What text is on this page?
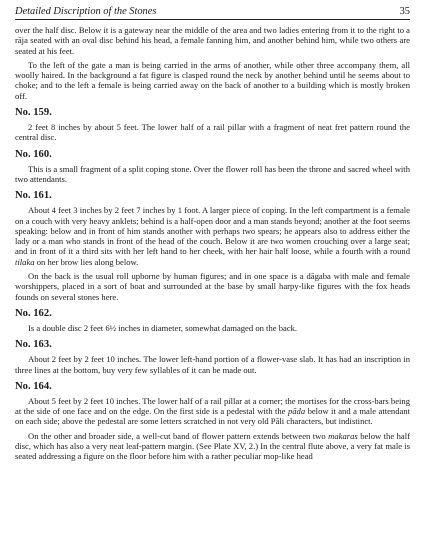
Detailed Discription of the Stones	35

over the half disc. Below it is a gateway near the middle of the area and two ladies entering from it to the right to a rāja seated with an oval disc behind his head, a female fanning him, and another behind him, while two others are seated at his feet.

To the left of the gate a man is being carried in the arms of another, while other three accompany them, all woolly haired. In the background a fat figure is clasped round the neck by another behind until he seems about to choke; and to the left a female is being carried away on the back of another to a building which is mostly broken off.

No. 159.

2 feet 8 inches by about 5 feet. The lower half of a rail pillar with a fragment of neat fret pattern round the central disc.

No. 160.

This is a small fragment of a split coping stone. Over the flower roll has been the throne and sacred wheel with two attendants.

No. 161.

About 4 feet 3 inches by 2 feet 7 inches by 1 foot. A larger piece of coping. In the left compartment is a female on a couch with very heavy anklets; behind is a half-open door and a man stands beyond; another at the foot seems speaking: below and in front of him stands another with perhaps two spears; he appears also to address either the lady or a man who stands in front of the head of the couch. Below it are two women crouching over a large seat; and in front of it a third sits with her left hand to her cheek, with her hair half loose, while a fourth with a round tilaka on her brow lies along below.

On the back is the usual roll upborne by human figures; and in one space is a dāgaba with male and female worshippers, placed in a sort of boat and surrounded at the base by small harpy-like figures with the fox heads founds on several stones here.

No. 162.

Is a double disc 2 feet 6½ inches in diameter, somewhat damaged on the back.

No. 163.

About 2 feet by 2 feet 10 inches. The lower left-hand portion of a flower-vase slab. It has had an inscription in three lines at the bottom, buy very few syllables of it can be made out.

No. 164.

About 5 feet by 2 feet 10 inches. The lower half of a rail pillar at a corner; the mortises for the cross-bars being at the side of one face and on the edge. On the first side is a pedestal with the pāda below it and a male attendant on each side; above the pedestal are some letters scratched in not very old Pāli characters, but indistinct.

On the other and broader side, a well-cut band of flower pattern extends between two makaras below the half disc, which has also a very neat leaf-pattern margin. (See Plate XV, 2.) In the central flute above, a very fat male is seated addressing a figure on the floor before him with a rather peculiar mop-like head
